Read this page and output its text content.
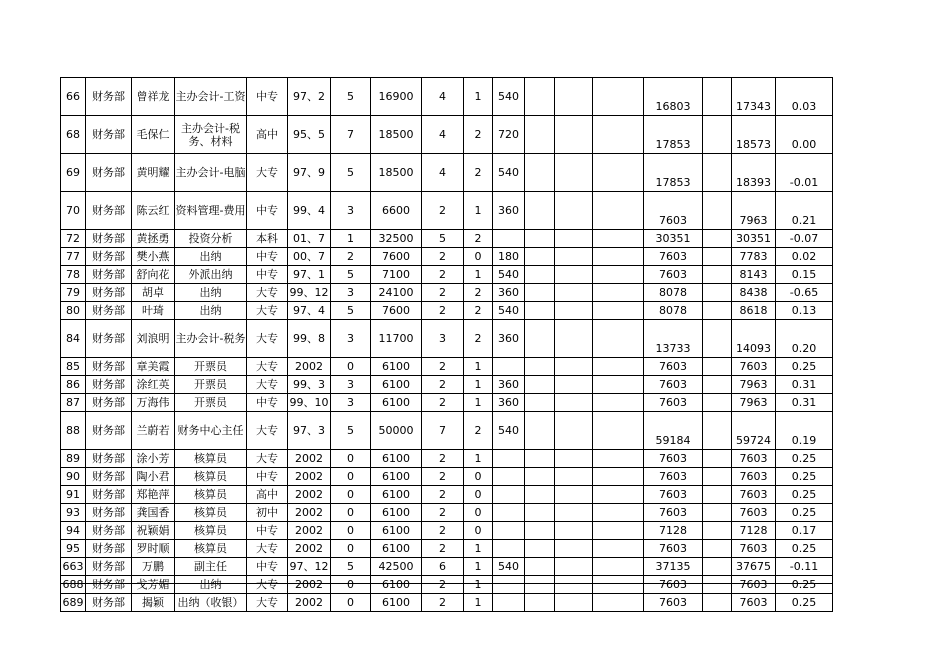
66	财务部	曾祥龙	主办会计-工资	中专	97、2	5	16900	4	1	540				16803		17343	0.03
68	财务部	毛保仁	主办会计-税务、材料	高中	95、5	7	18500	4	2	720				17853		18573	0.00
69	财务部	黄明耀	主办会计-电脑	大专	97、9	5	18500	4	2	540				17853		18393	-0.01
70	财务部	陈云红	资料管理-费用	中专	99、4	3	6600	2	1	360				7603		7963	0.21
72	财务部	黄拯勇	投资分析	本科	01、7	1	32500	5	2					30351		30351	-0.07
77	财务部	樊小燕	出纳	中专	00、7	2	7600	2	0	180				7603		7783	0.02
78	财务部	舒向花	外派出纳	中专	97、1	5	7100	2	1	540				7603		8143	0.15
79	财务部	胡卓	出纳	大专	99、12	3	24100	2	2	360				8078		8438	-0.65
80	财务部	叶琦	出纳	大专	97、4	5	7600	2	2	540				8078		8618	0.13
84	财务部	刘浪明	主办会计-税务	大专	99、8	3	11700	3	2	360				13733		14093	0.20
85	财务部	章美霞	开票员	大专	2002	0	6100	2	1					7603		7603	0.25
86	财务部	涂红英	开票员	大专	99、3	3	6100	2	1	360				7603		7963	0.31
87	财务部	万海伟	开票员	中专	99、10	3	6100	2	1	360				7603		7963	0.31
88	财务部	兰蔚若	财务中心主任	大专	97、3	5	50000	7	2	540				59184		59724	0.19
89	财务部	涂小芳	核算员	大专	2002	0	6100	2	1					7603		7603	0.25
90	财务部	陶小君	核算员	中专	2002	0	6100	2	0					7603		7603	0.25
91	财务部	郑艳萍	核算员	高中	2002	0	6100	2	0					7603		7603	0.25
93	财务部	龚国香	核算员	初中	2002	0	6100	2	0					7603		7603	0.25
94	财务部	祝颖娟	核算员	中专	2002	0	6100	2	0					7128		7128	0.17
95	财务部	罗时顺	核算员	大专	2002	0	6100	2	1					7603		7603	0.25
663	财务部	万鹏	副主任	中专	97、12	5	42500	6	1	540				37135		37675	-0.11
688	财务部	戈芳媚	出纳	大专	2002	0	6100	2	1					7603		7603	0.25
689	财务部	揭颖	出纳（收银）	大专	2002	0	6100	2	1					7603		7603	0.25
